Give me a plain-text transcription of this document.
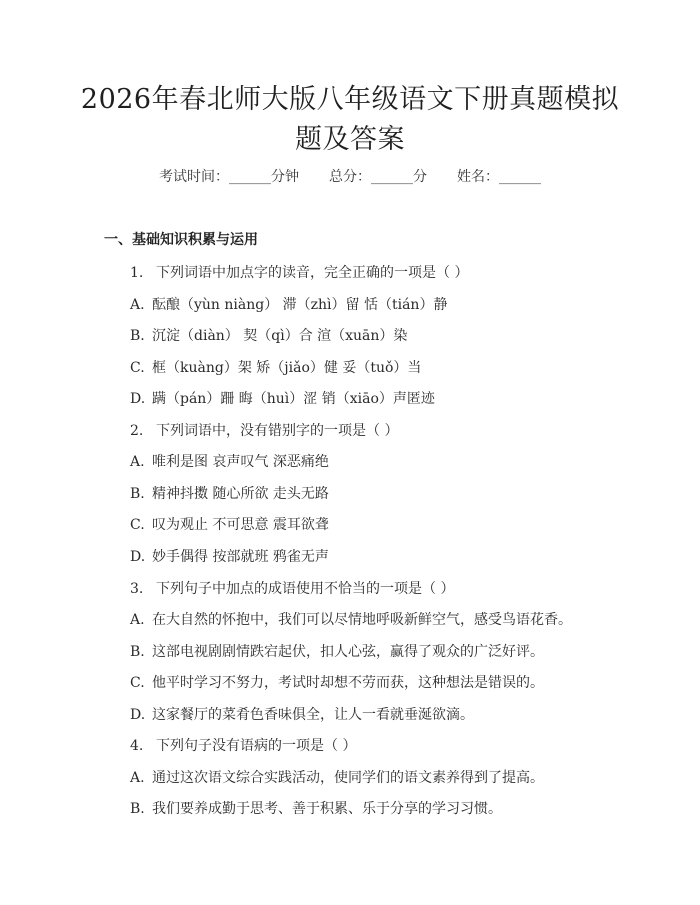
2026年春北师大版八年级语文下册真题模拟
题及答案
考试时间：______分钟 总分：______分 姓名：______
一、基础知识积累与运用
1. 下列词语中加点字的读音，完全正确的一项是（ ）
A. 酝酿（yùn niàng） 滞（zhì）留 恬（tián）静
B. 沉淀（diàn） 契（qì）合 渲（xuān）染
C. 框（kuàng）架 矫（jiǎo）健 妥（tuǒ）当
D. 蹒（pán）跚 晦（huì）涩 销（xiāo）声匿迹
2. 下列词语中，没有错别字的一项是（ ）
A. 唯利是图 哀声叹气 深恶痛绝
B. 精神抖擞 随心所欲 走头无路
C. 叹为观止 不可思意 震耳欲聋
D. 妙手偶得 按部就班 鸦雀无声
3. 下列句子中加点的成语使用不恰当的一项是（ ）
A. 在大自然的怀抱中，我们可以尽情地呼吸新鲜空气，感受鸟语花香。
B. 这部电视剧剧情跌宕起伏，扣人心弦，赢得了观众的广泛好评。
C. 他平时学习不努力，考试时却想不劳而获，这种想法是错误的。
D. 这家餐厅的菜肴色香味俱全，让人一看就垂涎欲滴。
4. 下列句子没有语病的一项是（ ）
A. 通过这次语文综合实践活动，使同学们的语文素养得到了提高。
B. 我们要养成勤于思考、善于积累、乐于分享的学习习惯。
